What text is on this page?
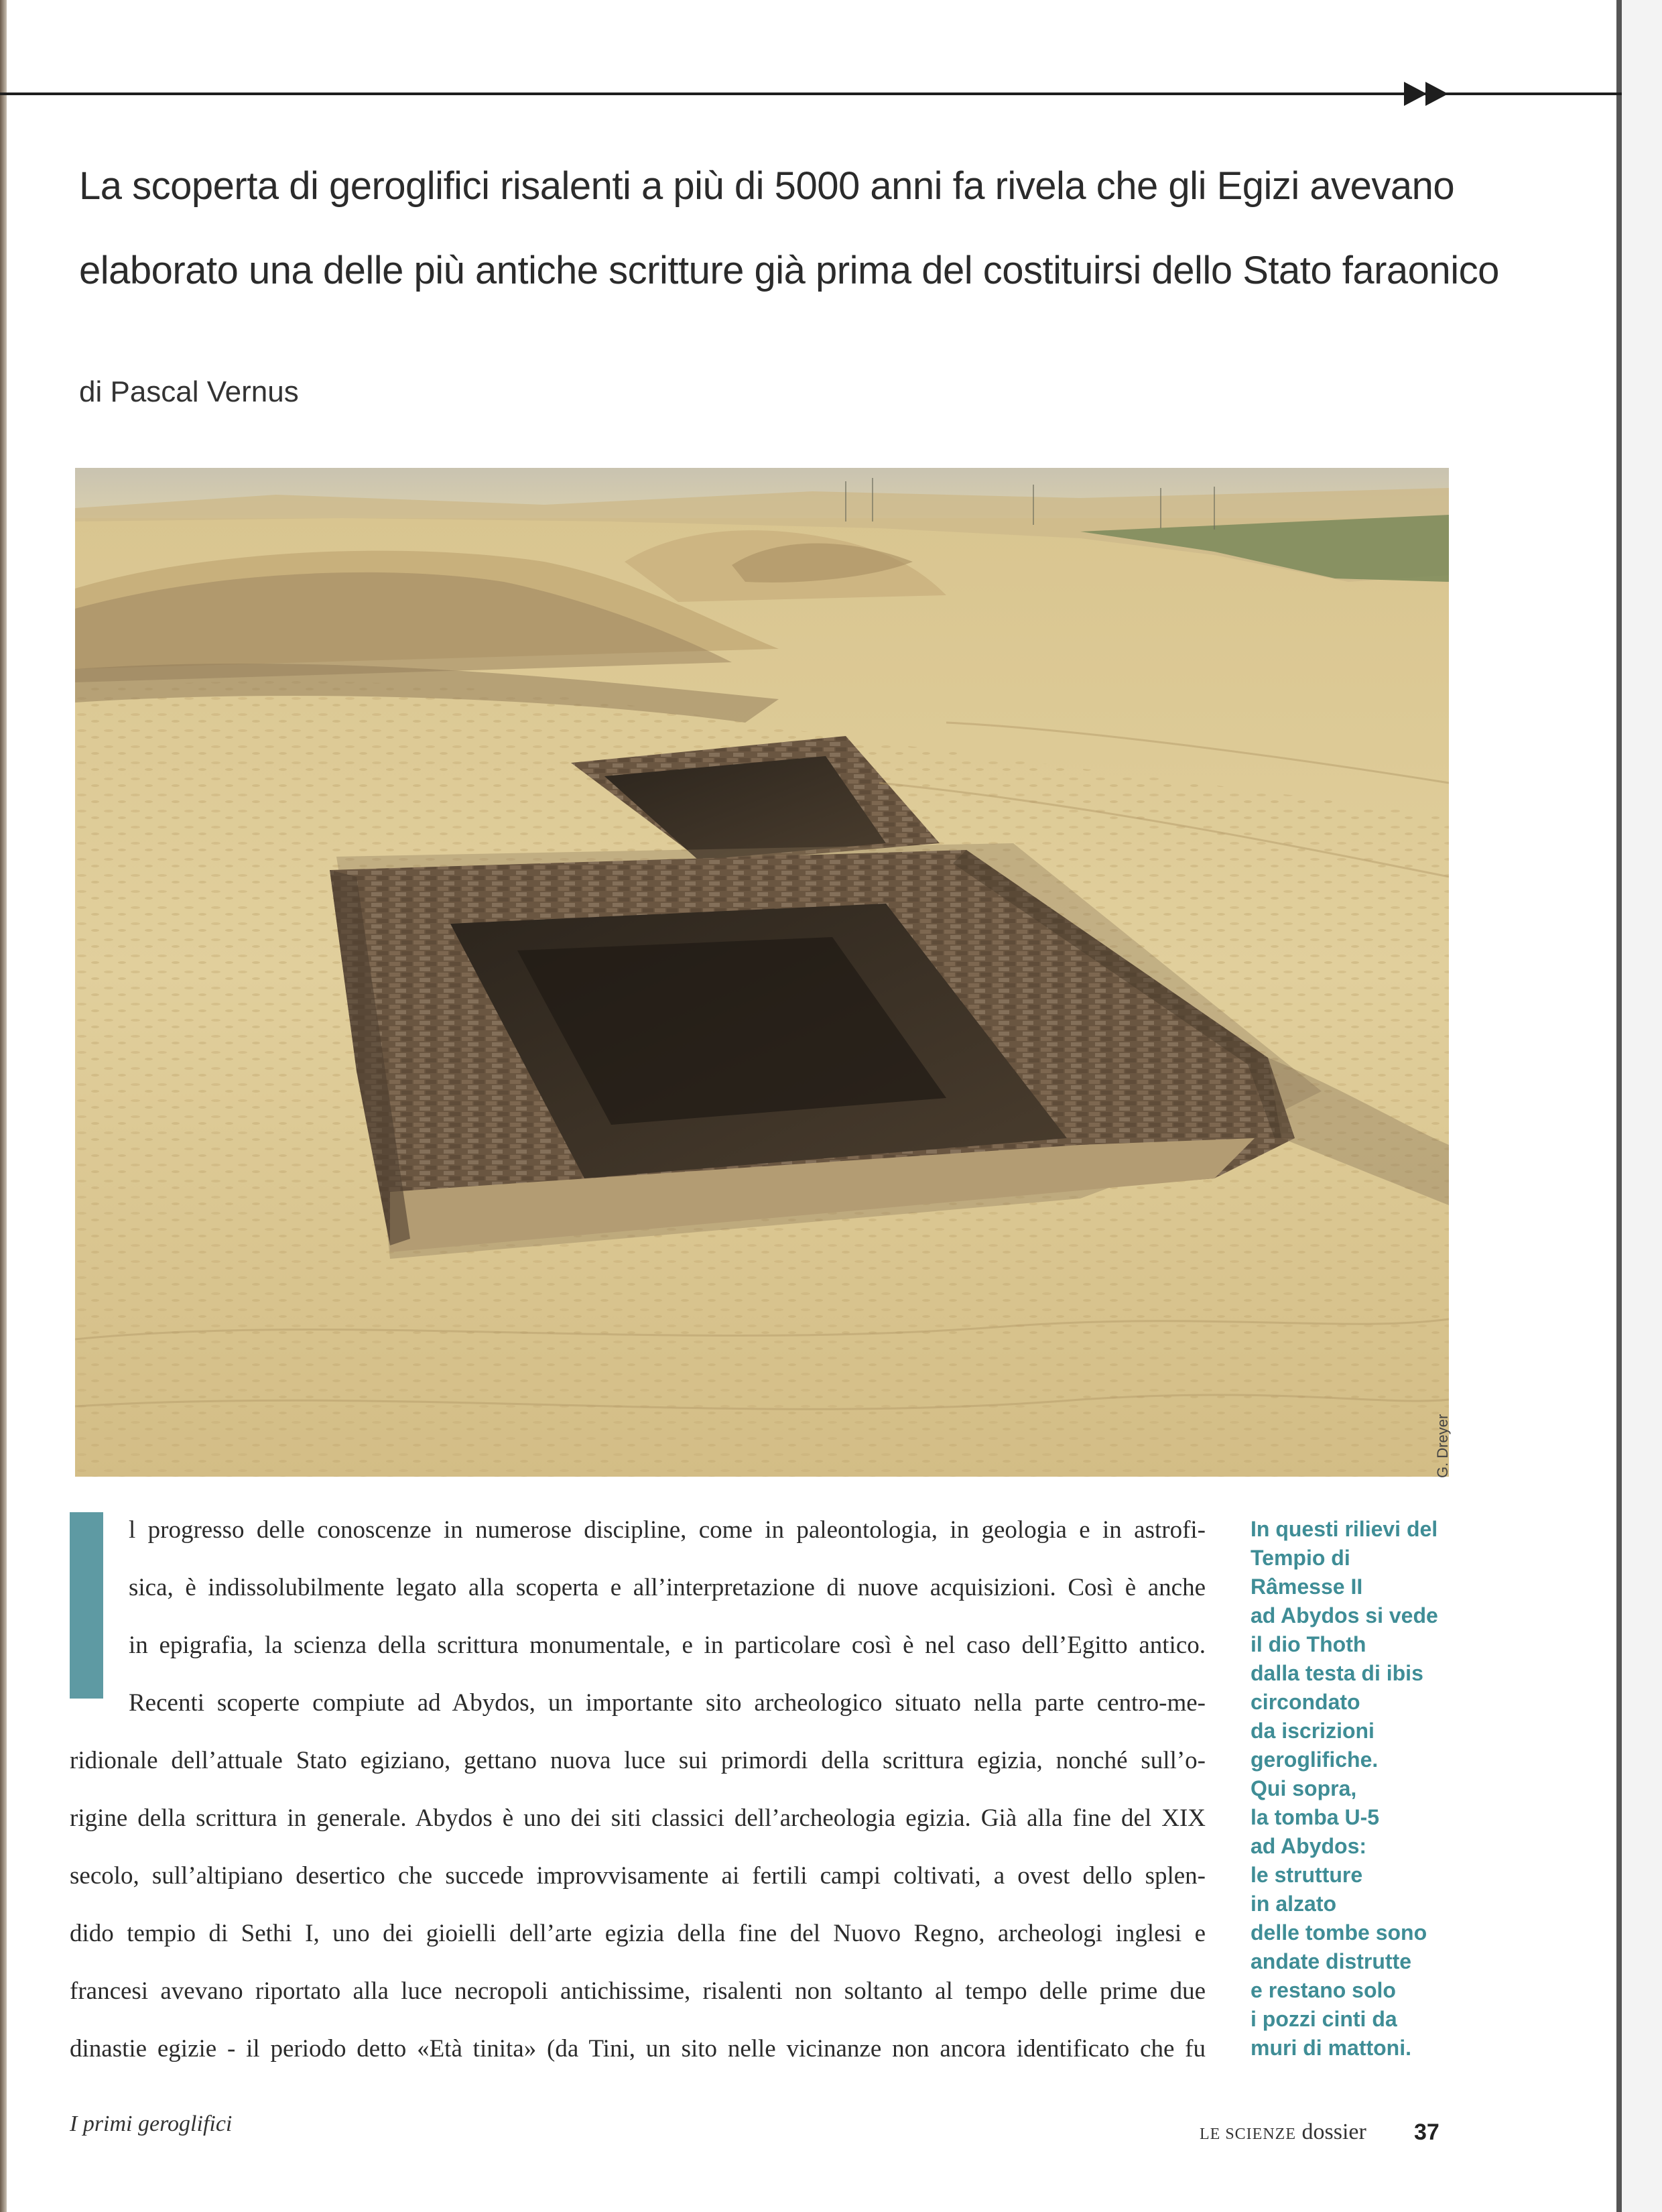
La scoperta di geroglifici risalenti a più di 5000 anni fa rivela che gli Egizi avevano
elaborato una delle più antiche scritture già prima del costituirsi dello Stato faraonico
di Pascal Vernus
G. Dreyer
l progresso delle conoscenze in numerose discipline, come in paleontologia, in geologia e in astrofi-
sica, è indissolubilmente legato alla scoperta e all’interpretazione di nuove acquisizioni. Così è anche
in epigrafia, la scienza della scrittura monumentale, e in particolare così è nel caso dell’Egitto antico.
Recenti scoperte compiute ad Abydos, un importante sito archeologico situato nella parte centro-me-
ridionale dell’attuale Stato egiziano, gettano nuova luce sui primordi della scrittura egizia, nonché sull’o-
rigine della scrittura in generale. Abydos è uno dei siti classici dell’archeologia egizia. Già alla fine del XIX
secolo, sull’altipiano desertico che succede improvvisamente ai fertili campi coltivati, a ovest dello splen-
dido tempio di Sethi I, uno dei gioielli dell’arte egizia della fine del Nuovo Regno, archeologi inglesi e
francesi avevano riportato alla luce necropoli antichissime, risalenti non soltanto al tempo delle prime due
dinastie egizie - il periodo detto «Età tinita» (da Tini, un sito nelle vicinanze non ancora identificato che fu
In questi rilievi del
Tempio di
Râmesse II
ad Abydos si vede
il dio Thoth
dalla testa di ibis
circondato
da iscrizioni
geroglifiche.
Qui sopra,
la tomba U-5
ad Abydos:
le strutture
in alzato
delle tombe sono
andate distrutte
e restano solo
i pozzi cinti da
muri di mattoni.
I primi geroglifici	LE SCIENZE dossier 37
